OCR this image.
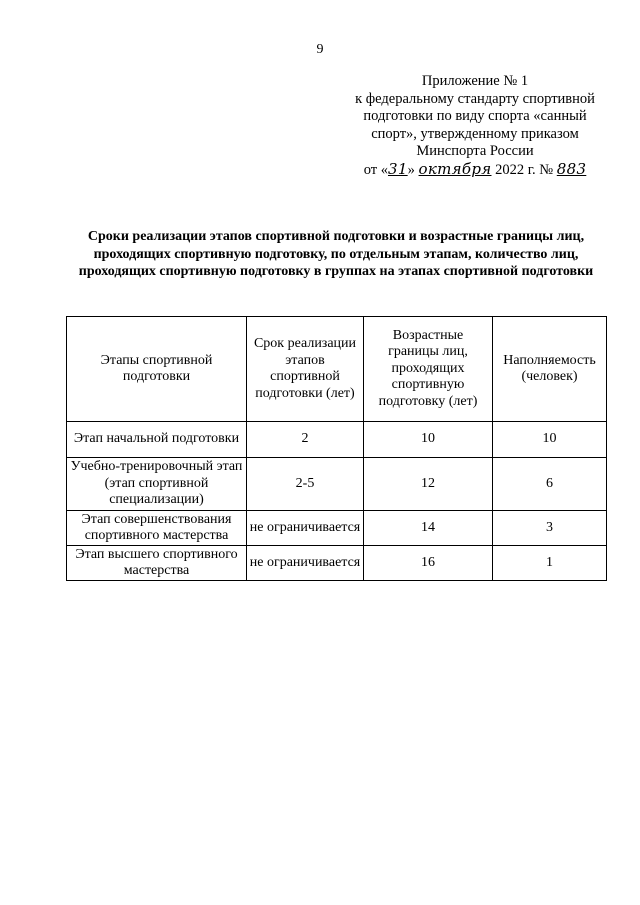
9
Приложение № 1
к федеральному стандарту спортивной
подготовки по виду спорта «санный
спорт», утвержденному приказом
Минспорта России
от «31» октября 2022 г. № 883
Сроки реализации этапов спортивной подготовки и возрастные границы лиц, проходящих спортивную подготовку, по отдельным этапам, количество лиц, проходящих спортивную подготовку в группах на этапах спортивной подготовки
Этапы спортивной подготовки	Срок реализации этапов спортивной подготовки (лет)	Возрастные границы лиц, проходящих спортивную подготовку (лет)	Наполняемость (человек)
Этап начальной подготовки	2	10	10
Учебно-тренировочный этап (этап спортивной специализации)	2-5	12	6
Этап совершенствования спортивного мастерства	не ограничивается	14	3
Этап высшего спортивного мастерства	не ограничивается	16	1
